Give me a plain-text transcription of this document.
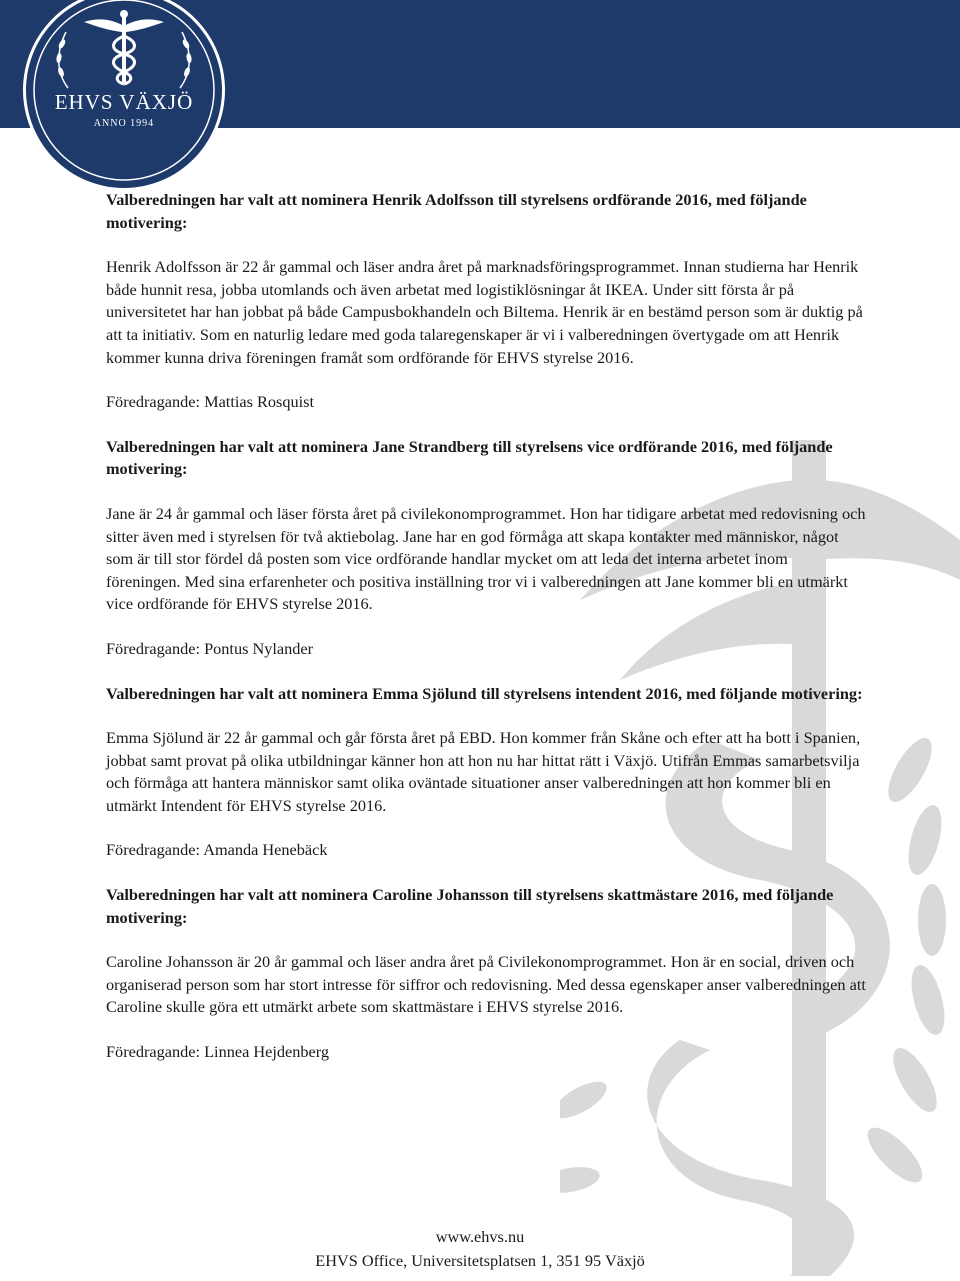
EHVS VÄXJÖ
ANNO 1994

Valberedningen har valt att nominera Henrik Adolfsson till styrelsens ordförande 2016, med följande motivering:

Henrik Adolfsson är 22 år gammal och läser andra året på marknadsföringsprogrammet. Innan studierna har Henrik både hunnit resa, jobba utomlands och även arbetat med logistiklösningar åt IKEA. Under sitt första år på universitetet har han jobbat på både Campusbokhandeln och Biltema. Henrik är en bestämd person som är duktig på att ta initiativ. Som en naturlig ledare med goda talaregenskaper är vi i valberedningen övertygade om att Henrik kommer kunna driva föreningen framåt som ordförande för EHVS styrelse 2016.

Föredragande: Mattias Rosquist

Valberedningen har valt att nominera Jane Strandberg till styrelsens vice ordförande 2016, med följande motivering:

Jane är 24 år gammal och läser första året på civilekonomprogrammet. Hon har tidigare arbetat med redovisning och sitter även med i styrelsen för två aktiebolag. Jane har en god förmåga att skapa kontakter med människor, något som är till stor fördel då posten som vice ordförande handlar mycket om att leda det interna arbetet inom föreningen. Med sina erfarenheter och positiva inställning tror vi i valberedningen att Jane kommer bli en utmärkt vice ordförande för EHVS styrelse 2016.

Föredragande: Pontus Nylander

Valberedningen har valt att nominera Emma Sjölund till styrelsens intendent 2016, med följande motivering:

Emma Sjölund är 22 år gammal och går första året på EBD. Hon kommer från Skåne och efter att ha bott i Spanien, jobbat samt provat på olika utbildningar känner hon att hon nu har hittat rätt i Växjö. Utifrån Emmas samarbetsvilja och förmåga att hantera människor samt olika oväntade situationer anser valberedningen att hon kommer bli en utmärkt Intendent för EHVS styrelse 2016.

Föredragande: Amanda Henebäck

Valberedningen har valt att nominera Caroline Johansson till styrelsens skattmästare 2016, med följande motivering:

Caroline Johansson är 20 år gammal och läser andra året på Civilekonomprogrammet. Hon är en social, driven och organiserad person som har stort intresse för siffror och redovisning. Med dessa egenskaper anser valberedningen att Caroline skulle göra ett utmärkt arbete som skattmästare i EHVS styrelse 2016.

Föredragande: Linnea Hejdenberg

www.ehvs.nu
EHVS Office, Universitetsplatsen 1, 351 95 Växjö
